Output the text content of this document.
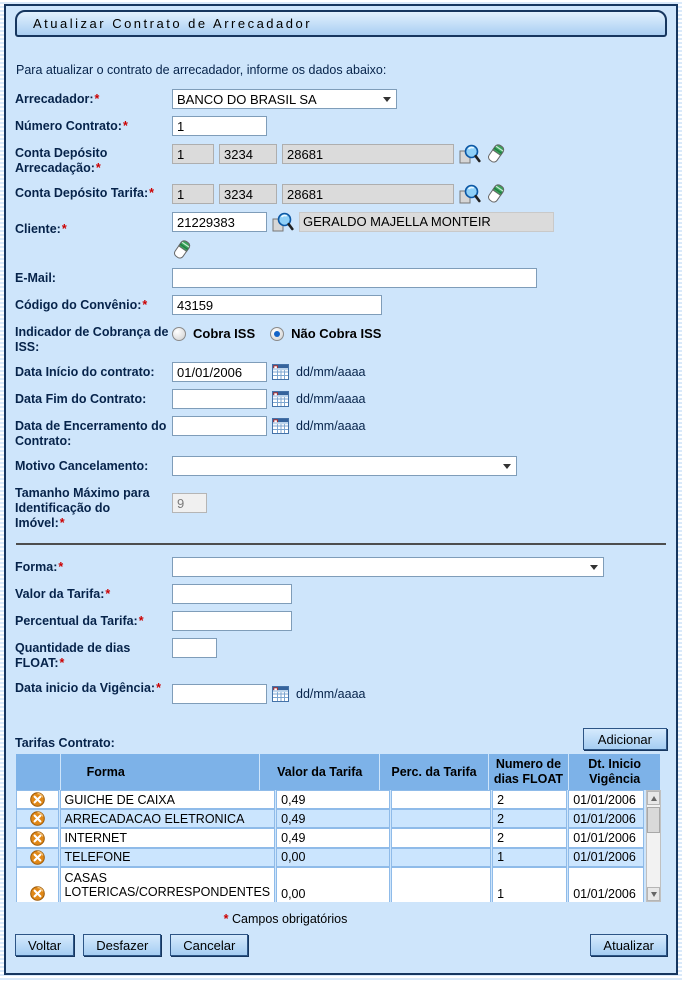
Atualizar Contrato de Arrecadador
Para atualizar o contrato de arrecadador, informe os dados abaixo:
Arrecadador:*	BANCO DO BRASIL SA
Número Contrato:*
1
Conta Depósito Arrecadação:*
1
3234
28681
Conta Depósito Tarifa:*
1
3234
28681
Cliente:*
21229383	GERALDO MAJELLA MONTEIR
E-Mail:
Código do Convênio:*
43159
Indicador de Cobrança de ISS:
Cobra ISS	Não Cobra ISS
Data Início do contrato:
01/01/2006	dd/mm/aaaa
Data Fim do Contrato:	dd/mm/aaaa
Data de Encerramento do Contrato:
dd/mm/aaaa
Motivo Cancelamento:
Tamanho Máximo para Identificação do Imóvel:*
9
Forma:*
Valor da Tarifa:*
Percentual da Tarifa:*
Quantidade de dias FLOAT:*
Data inicio da Vigência:*	dd/mm/aaaa
Tarifas Contrato:	Adicionar
	Forma	Valor da Tarifa	Perc. da Tarifa	Numero de dias FLOAT	Dt. Inicio Vigência
	GUICHE DE CAIXA	0,49		2	01/01/2006
	ARRECADACAO ELETRONICA	0,49		2	01/01/2006
	INTERNET	0,49		2	01/01/2006
	TELEFONE	0,00		1	01/01/2006
	CASAS LOTERICAS/CORRESPONDENTES	0,00		1	01/01/2006
* Campos obrigatórios
Voltar	Desfazer	Cancelar	Atualizar
